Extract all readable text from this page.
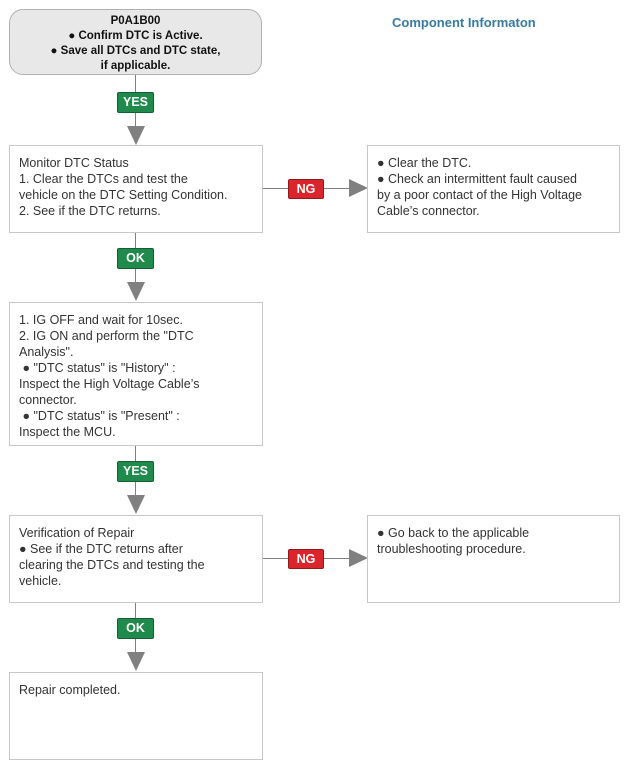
Component Informaton
P0A1B00
● Confirm DTC is Active.
● Save all DTCs and DTC state,
if applicable.
YES
Monitor DTC Status
1. Clear the DTCs and test the
vehicle on the DTC Setting Condition.
2. See if the DTC returns.
NG
● Clear the DTC.
● Check an intermittent fault caused
by a poor contact of the High Voltage
Cable’s connector.
OK
1. IG OFF and wait for 10sec.
2. IG ON and perform the "DTC
Analysis".
● "DTC status" is "History" :
Inspect the High Voltage Cable’s
connector.
● "DTC status" is "Present" :
Inspect the MCU.
YES
Verification of Repair
● See if the DTC returns after
clearing the DTCs and testing the
vehicle.
NG
● Go back to the applicable
troubleshooting procedure.
OK
Repair completed.
